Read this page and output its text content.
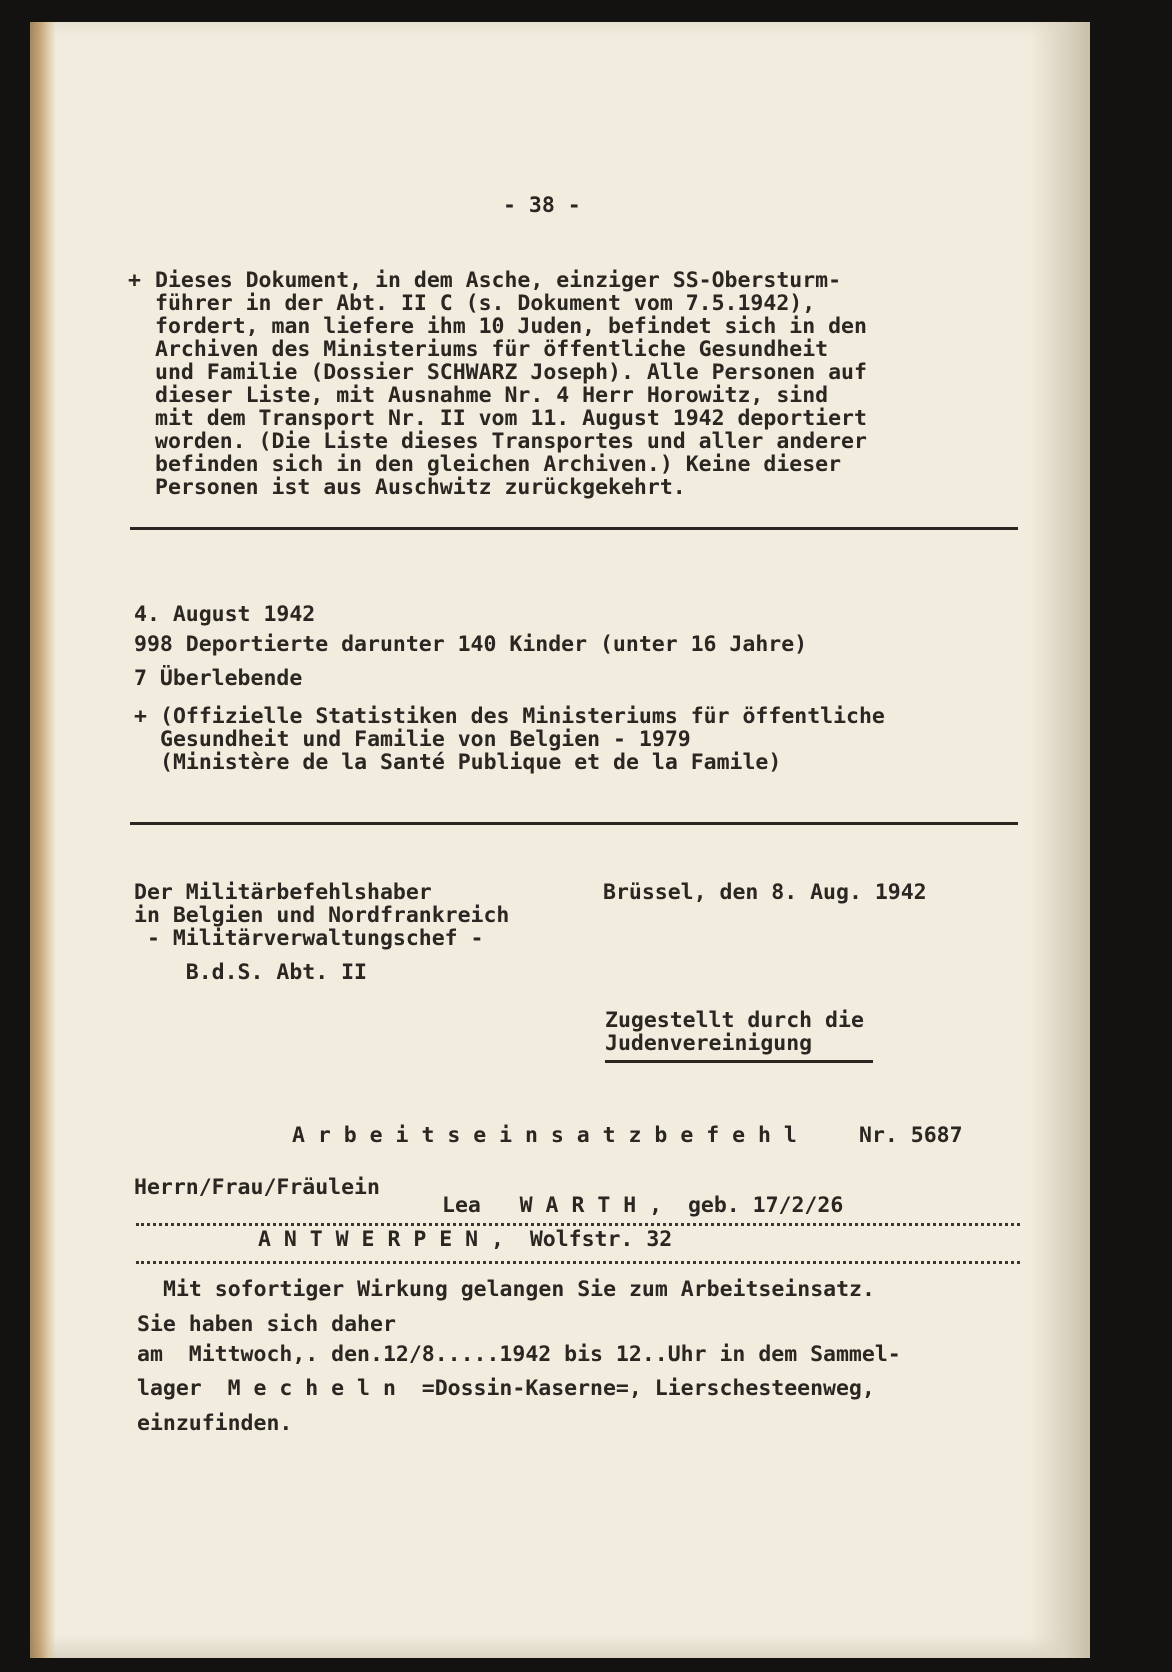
- 38 -

+ Dieses Dokument, in dem Asche, einziger SS-Obersturm-

führer in der Abt. II C (s. Dokument vom 7.5.1942),

fordert, man liefere ihm 10 Juden, befindet sich in den

Archiven des Ministeriums für öffentliche Gesundheit

und Familie (Dossier SCHWARZ Joseph). Alle Personen auf

dieser Liste, mit Ausnahme Nr. 4 Herr Horowitz, sind

mit dem Transport Nr. II vom 11. August 1942 deportiert

worden. (Die Liste dieses Transportes und aller anderer

befinden sich in den gleichen Archiven.) Keine dieser

Personen ist aus Auschwitz zurückgekehrt.

4. August 1942

998 Deportierte darunter 140 Kinder (unter 16 Jahre)

7 Überlebende

+ (Offizielle Statistiken des Ministeriums für öffentliche

Gesundheit und Familie von Belgien - 1979

(Ministère de la Santé Publique et de la Famile)

Der Militärbefehlshaber

in Belgien und Nordfrankreich

- Militärverwaltungschef -

B.d.S. Abt. II

Brüssel, den 8. Aug. 1942

Zugestellt durch die

Judenvereinigung

A r b e i t s e i n s a t z b e f e h l	Nr. 5687

Herrn/Frau/Fräulein

Lea   W A R T H ,  geb. 17/2/26

A N T W E R P E N ,  Wolfstr. 32

Mit sofortiger Wirkung gelangen Sie zum Arbeitseinsatz.

Sie haben sich daher

am  Mittwoch,. den.12/8.....1942 bis 12..Uhr in dem Sammel-

lager  M e c h e l n  =Dossin-Kaserne=, Lierschesteenweg,

einzufinden.
